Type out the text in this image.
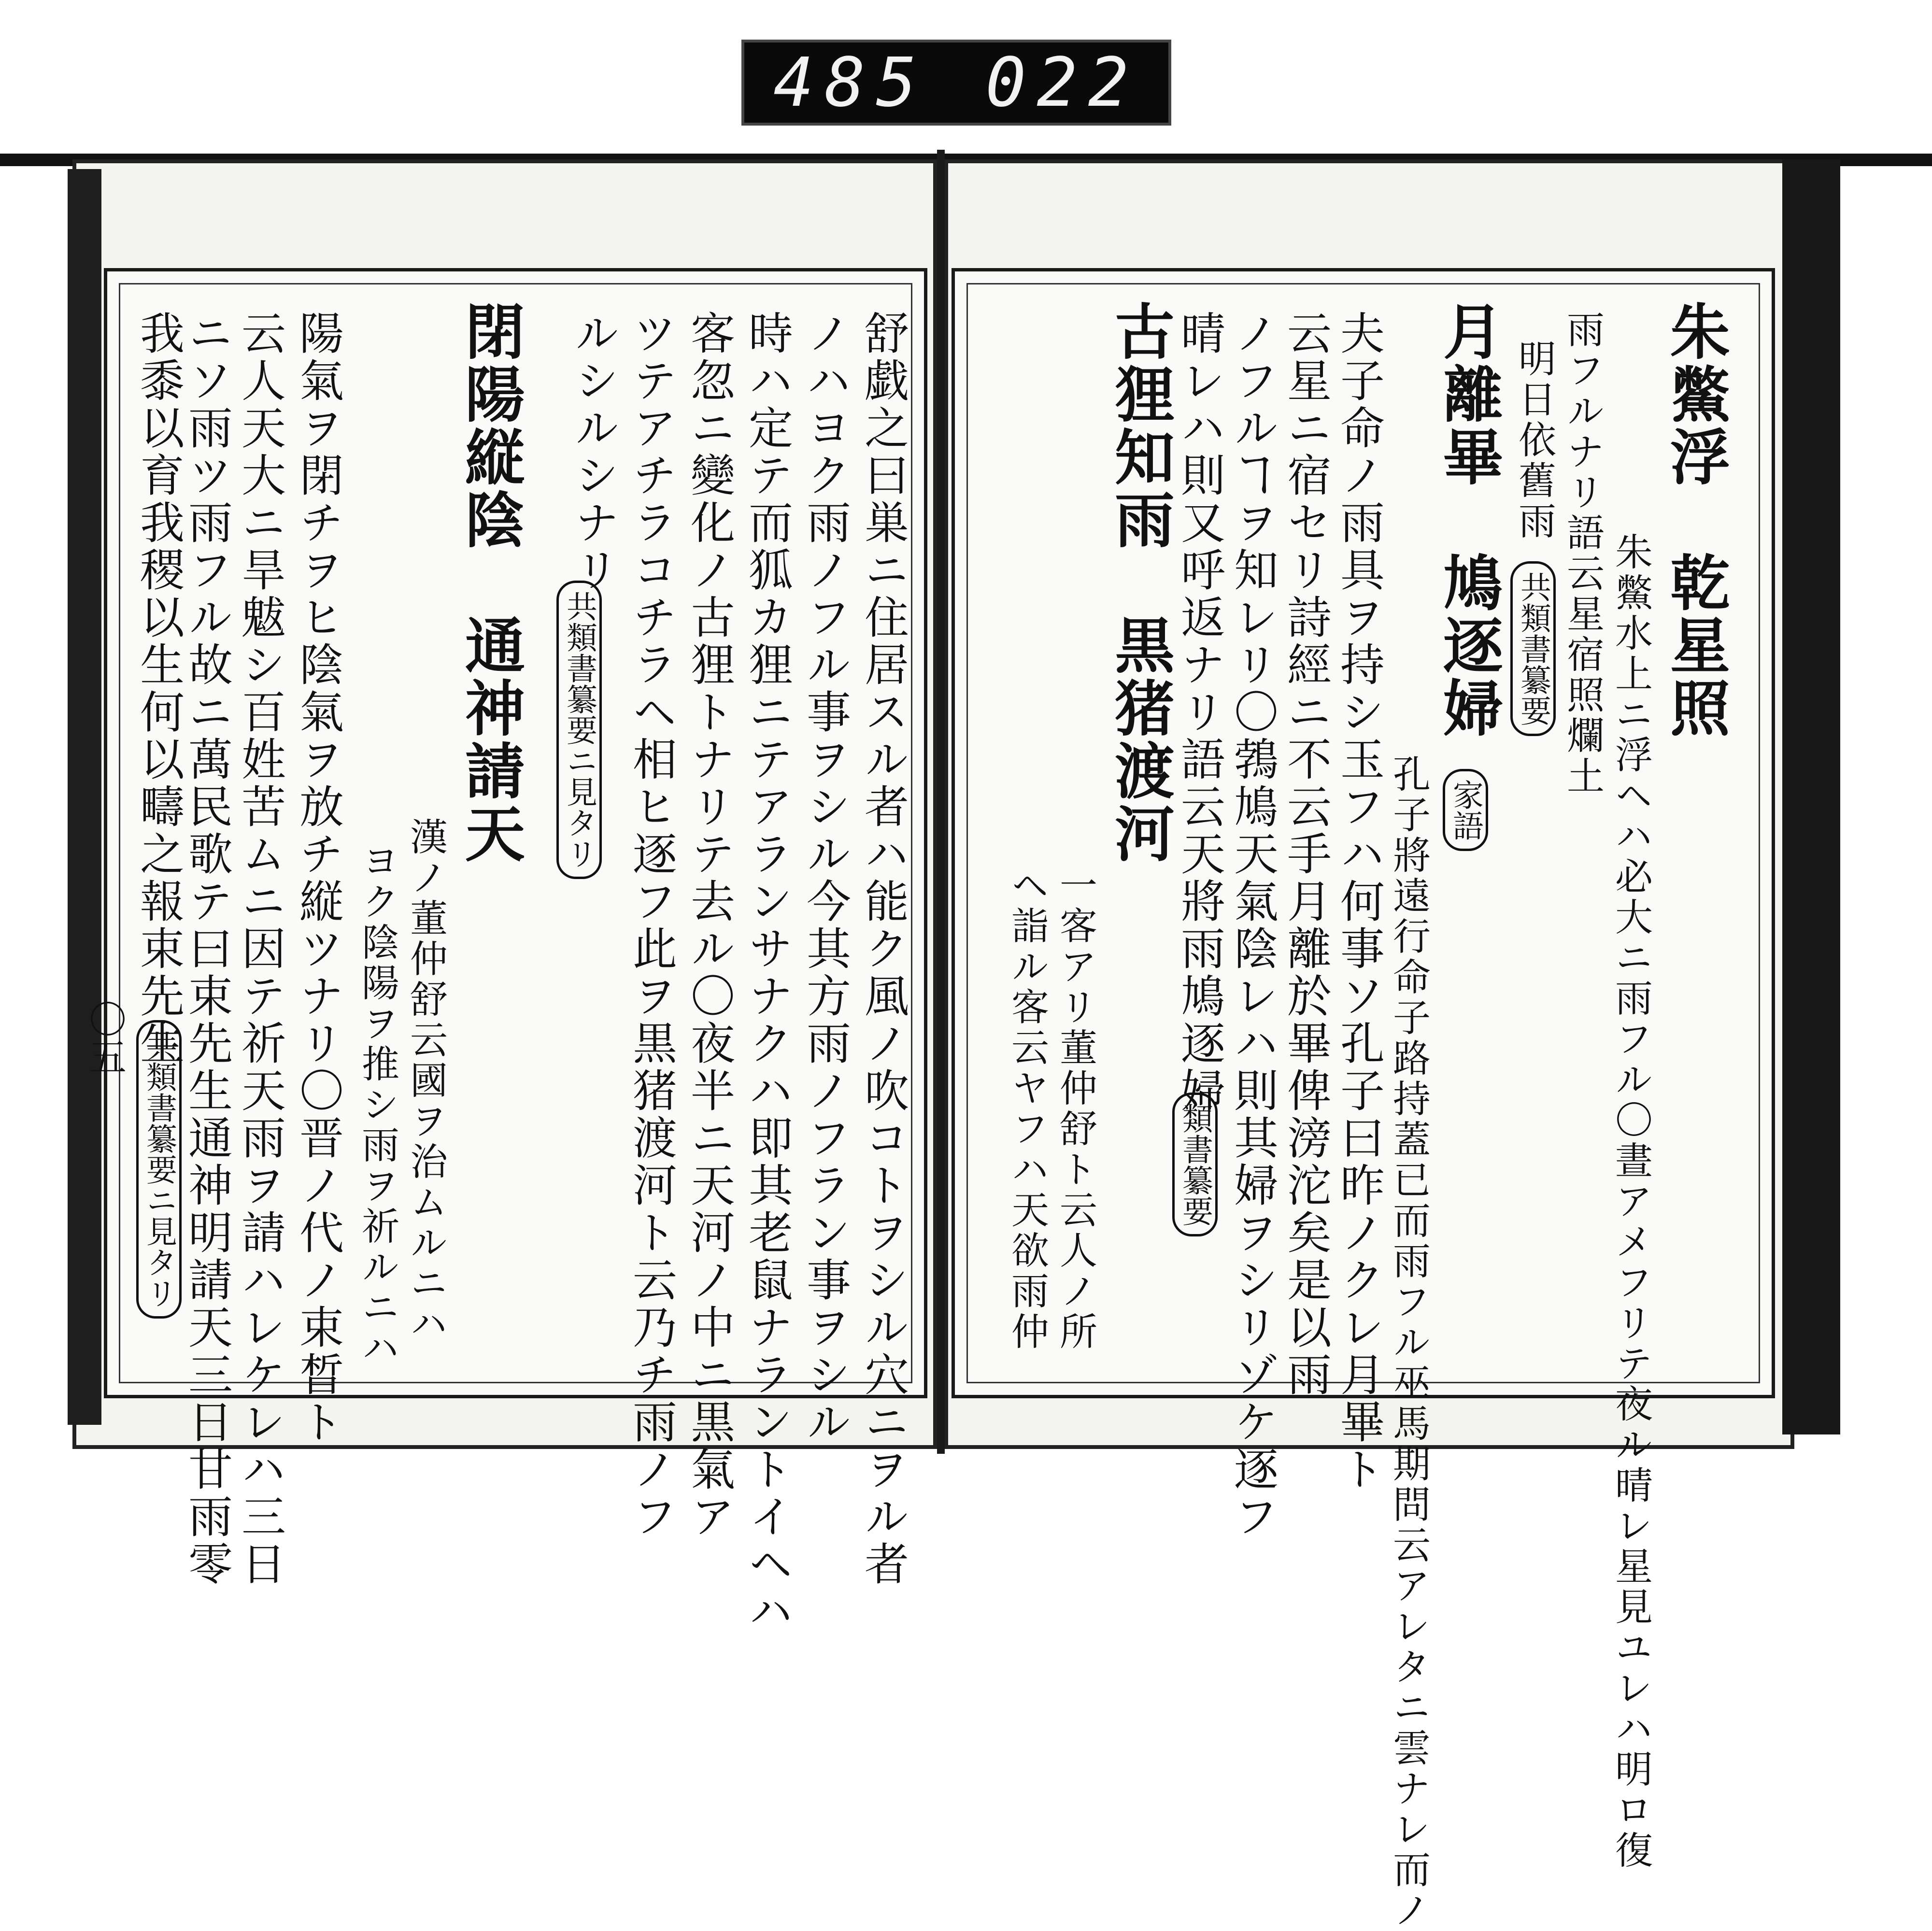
485 022
舒戯之曰巣ニ住居スル者ハ能ク風ノ吹コトヲシル穴ニヲル者
ノハヨク雨ノフル事ヲシル今其方雨ノフラン事ヲシル
時ハ定テ而狐カ狸ニテアランサナクハ即其老鼠ナラントイヘハ
客忽ニ變化ノ古狸トナリテ去ル〇夜半ニ天河ノ中ニ黒氣ア
ツテアチラコチラヘ相ヒ逐フ此ヲ黒猪渡河ト云乃チ雨ノフ
ルシルシナリ
共類書纂要ニ見タリ
閉陽縦陰　通神請天
漢ノ董仲舒云國ヲ治ムルニハ
ヨク陰陽ヲ推シ雨ヲ祈ルニハ
陽氣ヲ閉チヲヒ陰氣ヲ放チ縦ツナリ〇晋ノ代ノ束晳ト
云人天大ニ旱魃シ百姓苦ムニ因テ祈天雨ヲ請ハレケレハ三日
ニソ雨ツ雨フル故ニ萬民歌テ曰束先生通神明請天三日甘雨零
我黍以育我稷以生何以疇之報束先生
共類書纂要ニ見タリ
朱鱉浮　乾星照
朱鱉水上ニ浮ヘハ必大ニ雨フル〇晝アメフリテ夜ル晴レ星見ユレハ明ロ復
雨フルナリ語云星宿照爛土
明日依舊雨
共類書纂要
月離畢　鳩逐婦
家語
孔子將遠行命子路持蓋已而雨フル巫馬期問云アレタニ雲ナレ而ノ
夫子命ノ雨具ヲ持シ玉フハ何事ソ孔子曰昨ノクレ月畢ト
云星ニ宿セリ詩經ニ不云手月離於畢俾滂沱矣是以雨
ノフルヿヲ知レリ〇鵓鳩天氣陰レハ則其婦ヲシリゾケ逐フ
晴レハ則又呼返ナリ語云天將雨鳩逐婦
類書纂要
古狸知雨　黒猪渡河
一客アリ董仲舒ト云人ノ所
ヘ詣ル客云ヤフハ天欲雨仲
〇五
